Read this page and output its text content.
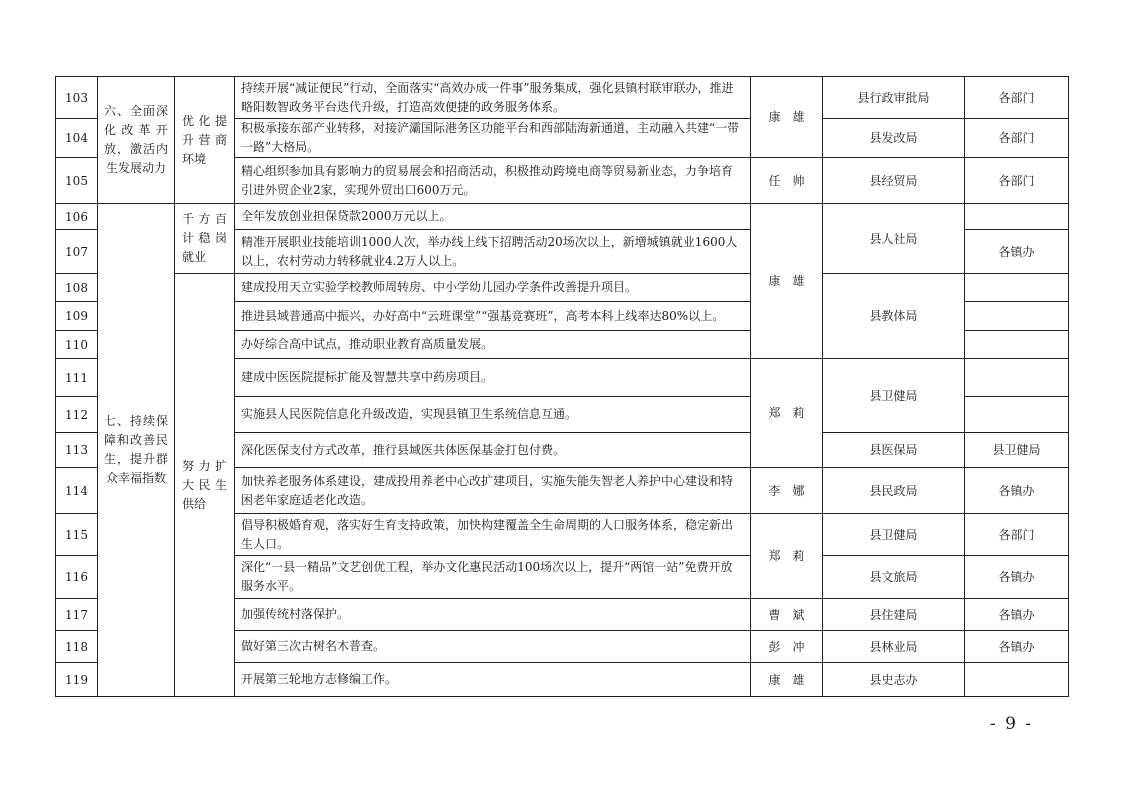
103	六、全面深化改革开放，激活内生发展动力	优化提升营商环境	持续开展“减证便民”行动，全面落实“高效办成一件事”服务集成，强化县镇村联审联办，推进略阳数智政务平台迭代升级，打造高效便捷的政务服务体系。	康　雄	县行政审批局	各部门
104			积极承接东部产业转移，对接浐灞国际港务区功能平台和西部陆海新通道，主动融入共建“一带一路”大格局。		县发改局	各部门
105			精心组织参加具有影响力的贸易展会和招商活动，积极推动跨境电商等贸易新业态，力争培育引进外贸企业2家，实现外贸出口600万元。	任　帅	县经贸局	各部门
106	七、持续保障和改善民生，提升群众幸福指数	千方百计稳岗就业	全年发放创业担保贷款2000万元以上。	康　雄	县人社局	
107			精准开展职业技能培训1000人次，举办线上线下招聘活动20场次以上，新增城镇就业1600人以上，农村劳动力转移就业4.2万人以上。			各镇办
108		努力扩大民生供给	建成投用天立实验学校教师周转房、中小学幼儿园办学条件改善提升项目。		县教体局	
109			推进县域普通高中振兴，办好高中“云班课堂”“强基竞赛班”，高考本科上线率达80%以上。			
110			办好综合高中试点，推动职业教育高质量发展。			
111			建成中医医院提标扩能及智慧共享中药房项目。	郑　莉	县卫健局	
112			实施县人民医院信息化升级改造，实现县镇卫生系统信息互通。			
113			深化医保支付方式改革，推行县域医共体医保基金打包付费。		县医保局	县卫健局
114			加快养老服务体系建设，建成投用养老中心改扩建项目，实施失能失智老人养护中心建设和特困老年家庭适老化改造。	李　娜	县民政局	各镇办
115			倡导积极婚育观，落实好生育支持政策，加快构建覆盖全生命周期的人口服务体系，稳定新出生人口。	郑　莉	县卫健局	各部门
116			深化“一县一精品”文艺创优工程，举办文化惠民活动100场次以上，提升“两馆一站”免费开放服务水平。		县文旅局	各镇办
117			加强传统村落保护。	曹　斌	县住建局	各镇办
118			做好第三次古树名木普查。	彭　冲	县林业局	各镇办
119			开展第三轮地方志修编工作。	康　雄	县史志办	
- 9 -
